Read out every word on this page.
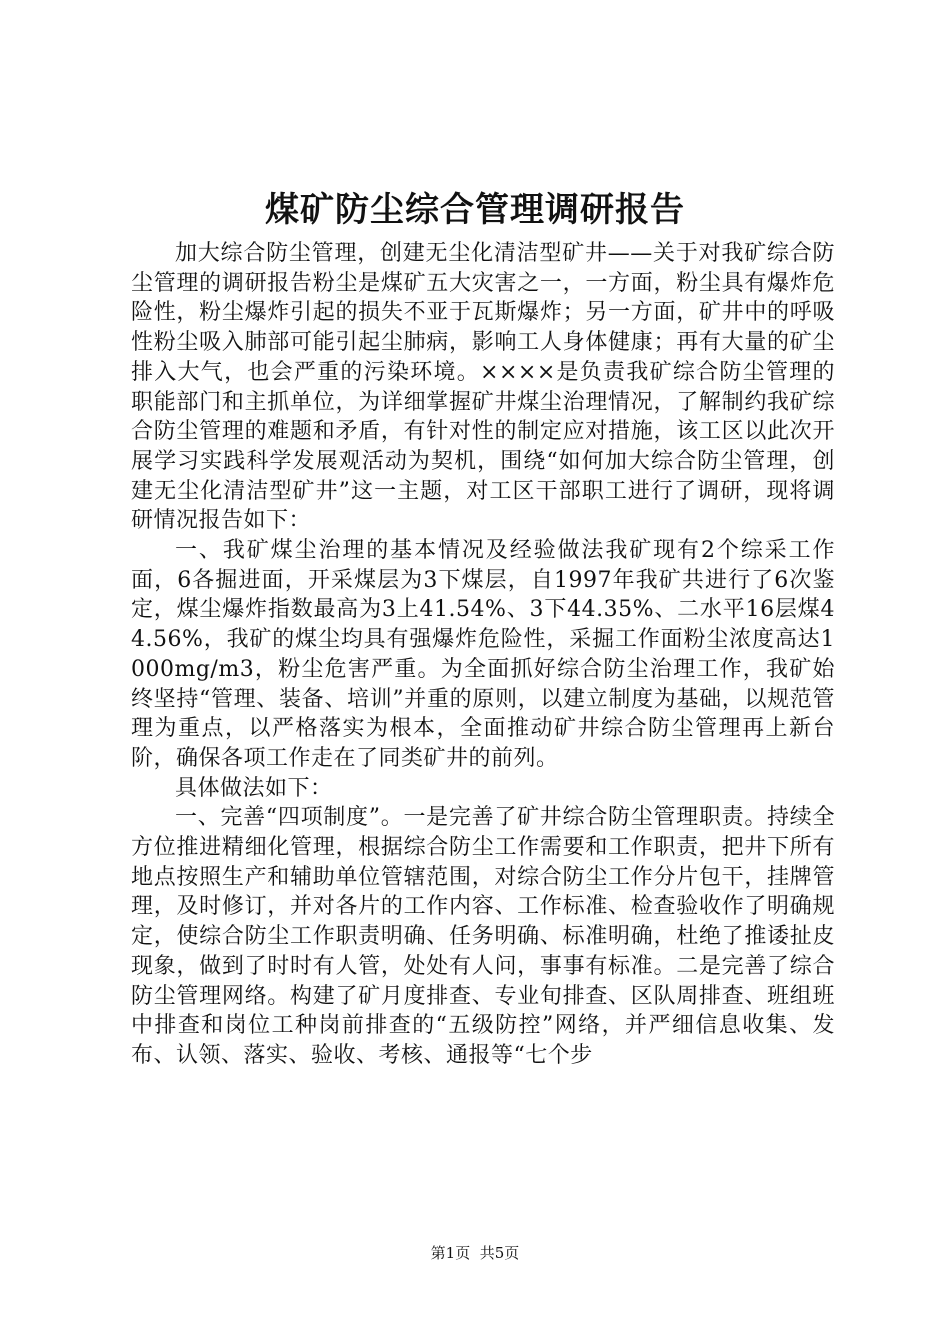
煤矿防尘综合管理调研报告

加大综合防尘管理，创建无尘化清洁型矿井——关于对我矿综合防尘管理的调研报告粉尘是煤矿五大灾害之一，一方面，粉尘具有爆炸危险性，粉尘爆炸引起的损失不亚于瓦斯爆炸；另一方面，矿井中的呼吸性粉尘吸入肺部可能引起尘肺病，影响工人身体健康；再有大量的矿尘排入大气，也会严重的污染环境。××××是负责我矿综合防尘管理的职能部门和主抓单位，为详细掌握矿井煤尘治理情况，了解制约我矿综合防尘管理的难题和矛盾，有针对性的制定应对措施，该工区以此次开展学习实践科学发展观活动为契机，围绕“如何加大综合防尘管理，创建无尘化清洁型矿井”这一主题，对工区干部职工进行了调研，现将调研情况报告如下：

一、我矿煤尘治理的基本情况及经验做法我矿现有2个综采工作面，6各掘进面，开采煤层为3下煤层，自1997年我矿共进行了6次鉴定，煤尘爆炸指数最高为3上41.54%、3下44.35%、二水平16层煤44.56%，我矿的煤尘均具有强爆炸危险性，采掘工作面粉尘浓度高达1000mg/m3，粉尘危害严重。为全面抓好综合防尘治理工作，我矿始终坚持“管理、装备、培训”并重的原则，以建立制度为基础，以规范管理为重点，以严格落实为根本，全面推动矿井综合防尘管理再上新台阶，确保各项工作走在了同类矿井的前列。

具体做法如下：

一、完善“四项制度”。一是完善了矿井综合防尘管理职责。持续全方位推进精细化管理，根据综合防尘工作需要和工作职责，把井下所有地点按照生产和辅助单位管辖范围，对综合防尘工作分片包干，挂牌管理，及时修订，并对各片的工作内容、工作标准、检查验收作了明确规定，使综合防尘工作职责明确、任务明确、标准明确，杜绝了推诿扯皮现象，做到了时时有人管，处处有人问，事事有标准。二是完善了综合防尘管理网络。构建了矿月度排查、专业旬排查、区队周排查、班组班中排查和岗位工种岗前排查的“五级防控”网络，并严细信息收集、发布、认领、落实、验收、考核、通报等“七个步

第1页 共5页
